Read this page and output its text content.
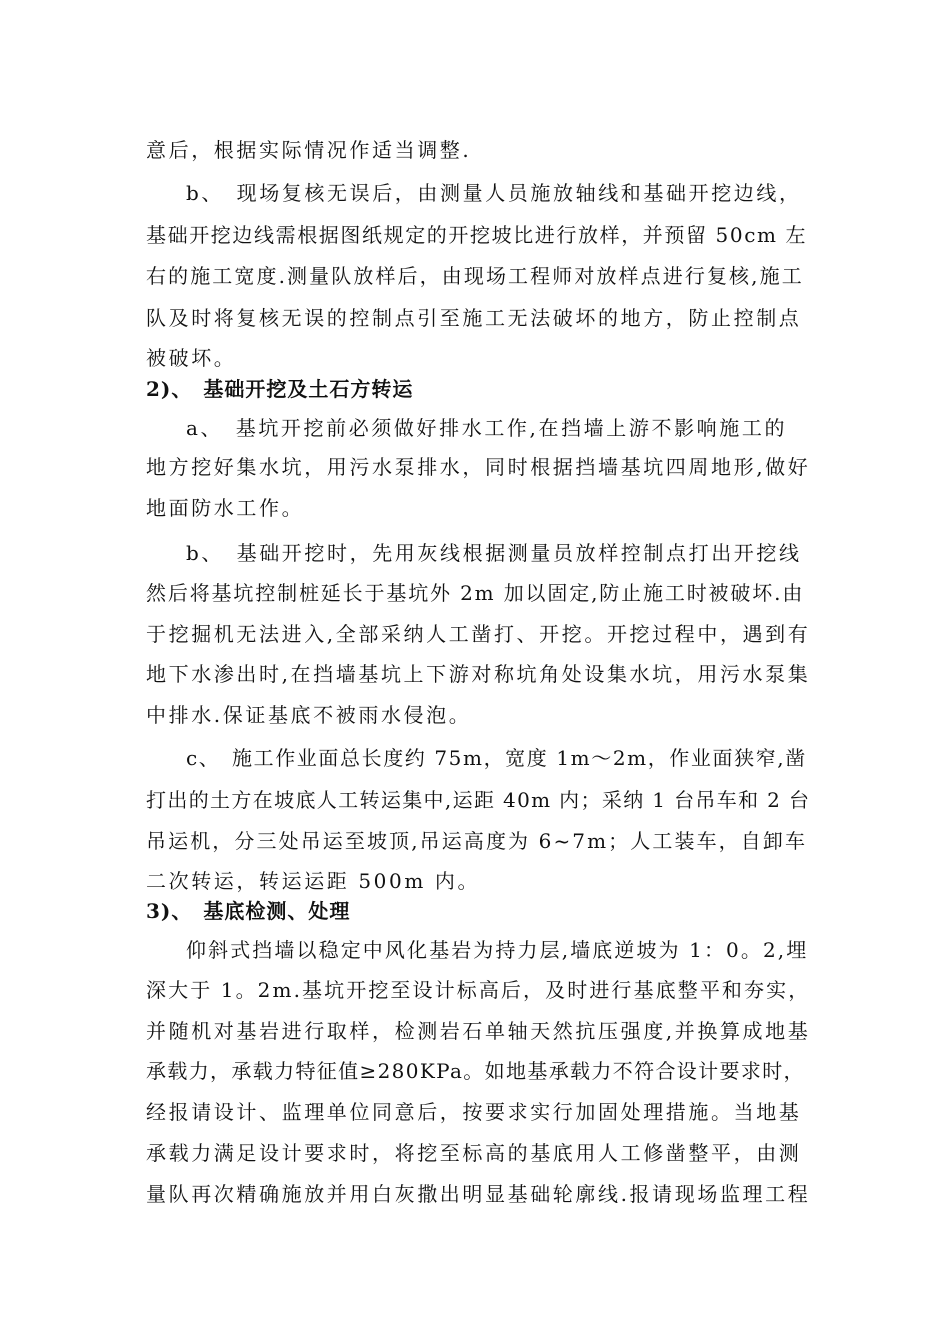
意后，根据实际情况作适当调整.
b、　现场复核无误后，由测量人员施放轴线和基础开挖边线，
基础开挖边线需根据图纸规定的开挖坡比进行放样，并预留 50cm 左
右的施工宽度.测量队放样后，由现场工程师对放样点进行复核,施工
队及时将复核无误的控制点引至施工无法破坏的地方，防止控制点
被破坏。
2)、　基础开挖及土石方转运
a、　基坑开挖前必须做好排水工作,在挡墙上游不影响施工的
地方挖好集水坑，用污水泵排水，同时根据挡墙基坑四周地形,做好
地面防水工作。
b、　基础开挖时，先用灰线根据测量员放样控制点打出开挖线
然后将基坑控制桩延长于基坑外 2m 加以固定,防止施工时被破坏.由
于挖掘机无法进入,全部采纳人工凿打、开挖。开挖过程中，遇到有
地下水渗出时,在挡墙基坑上下游对称坑角处设集水坑，用污水泵集
中排水.保证基底不被雨水侵泡。
c、　施工作业面总长度约 75m，宽度 1m～2m，作业面狭窄,凿
打出的土方在坡底人工转运集中,运距 40m 内；采纳 1 台吊车和 2 台
吊运机，分三处吊运至坡顶,吊运高度为 6~7m；人工装车，自卸车
二次转运，转运运距 500m 内。
3)、　基底检测、处理
仰斜式挡墙以稳定中风化基岩为持力层,墙底逆坡为 1：0。2,埋
深大于 1。2m.基坑开挖至设计标高后，及时进行基底整平和夯实，
并随机对基岩进行取样，检测岩石单轴天然抗压强度,并换算成地基
承载力，承载力特征值≥280KPa。如地基承载力不符合设计要求时，
经报请设计、监理单位同意后，按要求实行加固处理措施。当地基
承载力满足设计要求时，将挖至标高的基底用人工修凿整平，由测
量队再次精确施放并用白灰撒出明显基础轮廓线.报请现场监理工程
